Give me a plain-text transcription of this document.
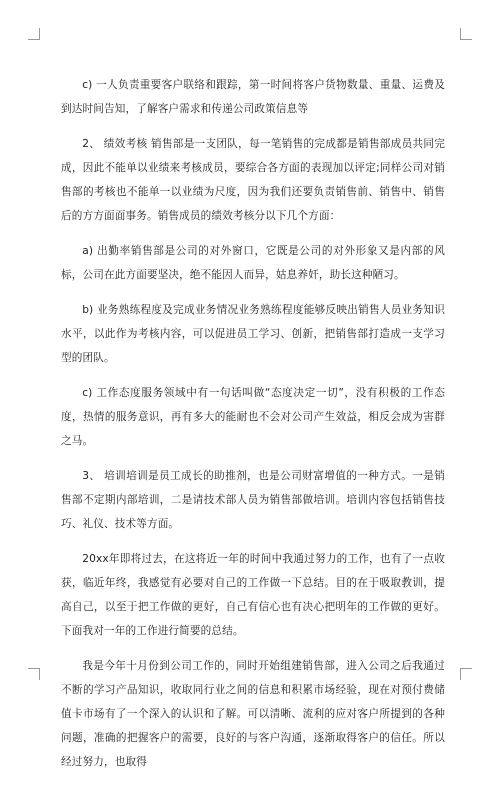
c) 一人负责重要客户联络和跟踪，第一时间将客户货物数量、重量、运费及到达时间告知，了解客户需求和传递公司政策信息等

2、 绩效考核 销售部是一支团队，每一笔销售的完成都是销售部成员共同完成，因此不能单以业绩来考核成员，要综合各方面的表现加以评定;同样公司对销售部的考核也不能单一以业绩为尺度，因为我们还要负责销售前、销售中、销售后的方方面面事务。销售成员的绩效考核分以下几个方面：

a) 出勤率销售部是公司的对外窗口，它既是公司的对外形象又是内部的风标，公司在此方面要坚决，绝不能因人而异，姑息养奸，助长这种陋习。

b) 业务熟练程度及完成业务情况业务熟练程度能够反映出销售人员业务知识水平，以此作为考核内容，可以促进员工学习、创新，把销售部打造成一支学习型的团队。

c) 工作态度服务领域中有一句话叫做“态度决定一切”，没有积极的工作态度，热情的服务意识，再有多大的能耐也不会对公司产生效益，相反会成为害群之马。

3、 培训培训是员工成长的助推剂，也是公司财富增值的一种方式。一是销售部不定期内部培训，二是请技术部人员为销售部做培训。培训内容包括销售技巧、礼仪、技术等方面。

20xx年即将过去，在这将近一年的时间中我通过努力的工作，也有了一点收获，临近年终，我感觉有必要对自己的工作做一下总结。目的在于吸取教训，提高自己，以至于把工作做的更好，自己有信心也有决心把明年的工作做的更好。下面我对一年的工作进行简要的总结。

我是今年十月份到公司工作的，同时开始组建销售部，进入公司之后我通过不断的学习产品知识，收取同行业之间的信息和积累市场经验，现在对预付费储值卡市场有了一个深入的认识和了解。可以清晰、流利的应对客户所提到的各种问题，准确的把握客户的需要，良好的与客户沟通，逐渐取得客户的信任。所以经过努力，也取得
